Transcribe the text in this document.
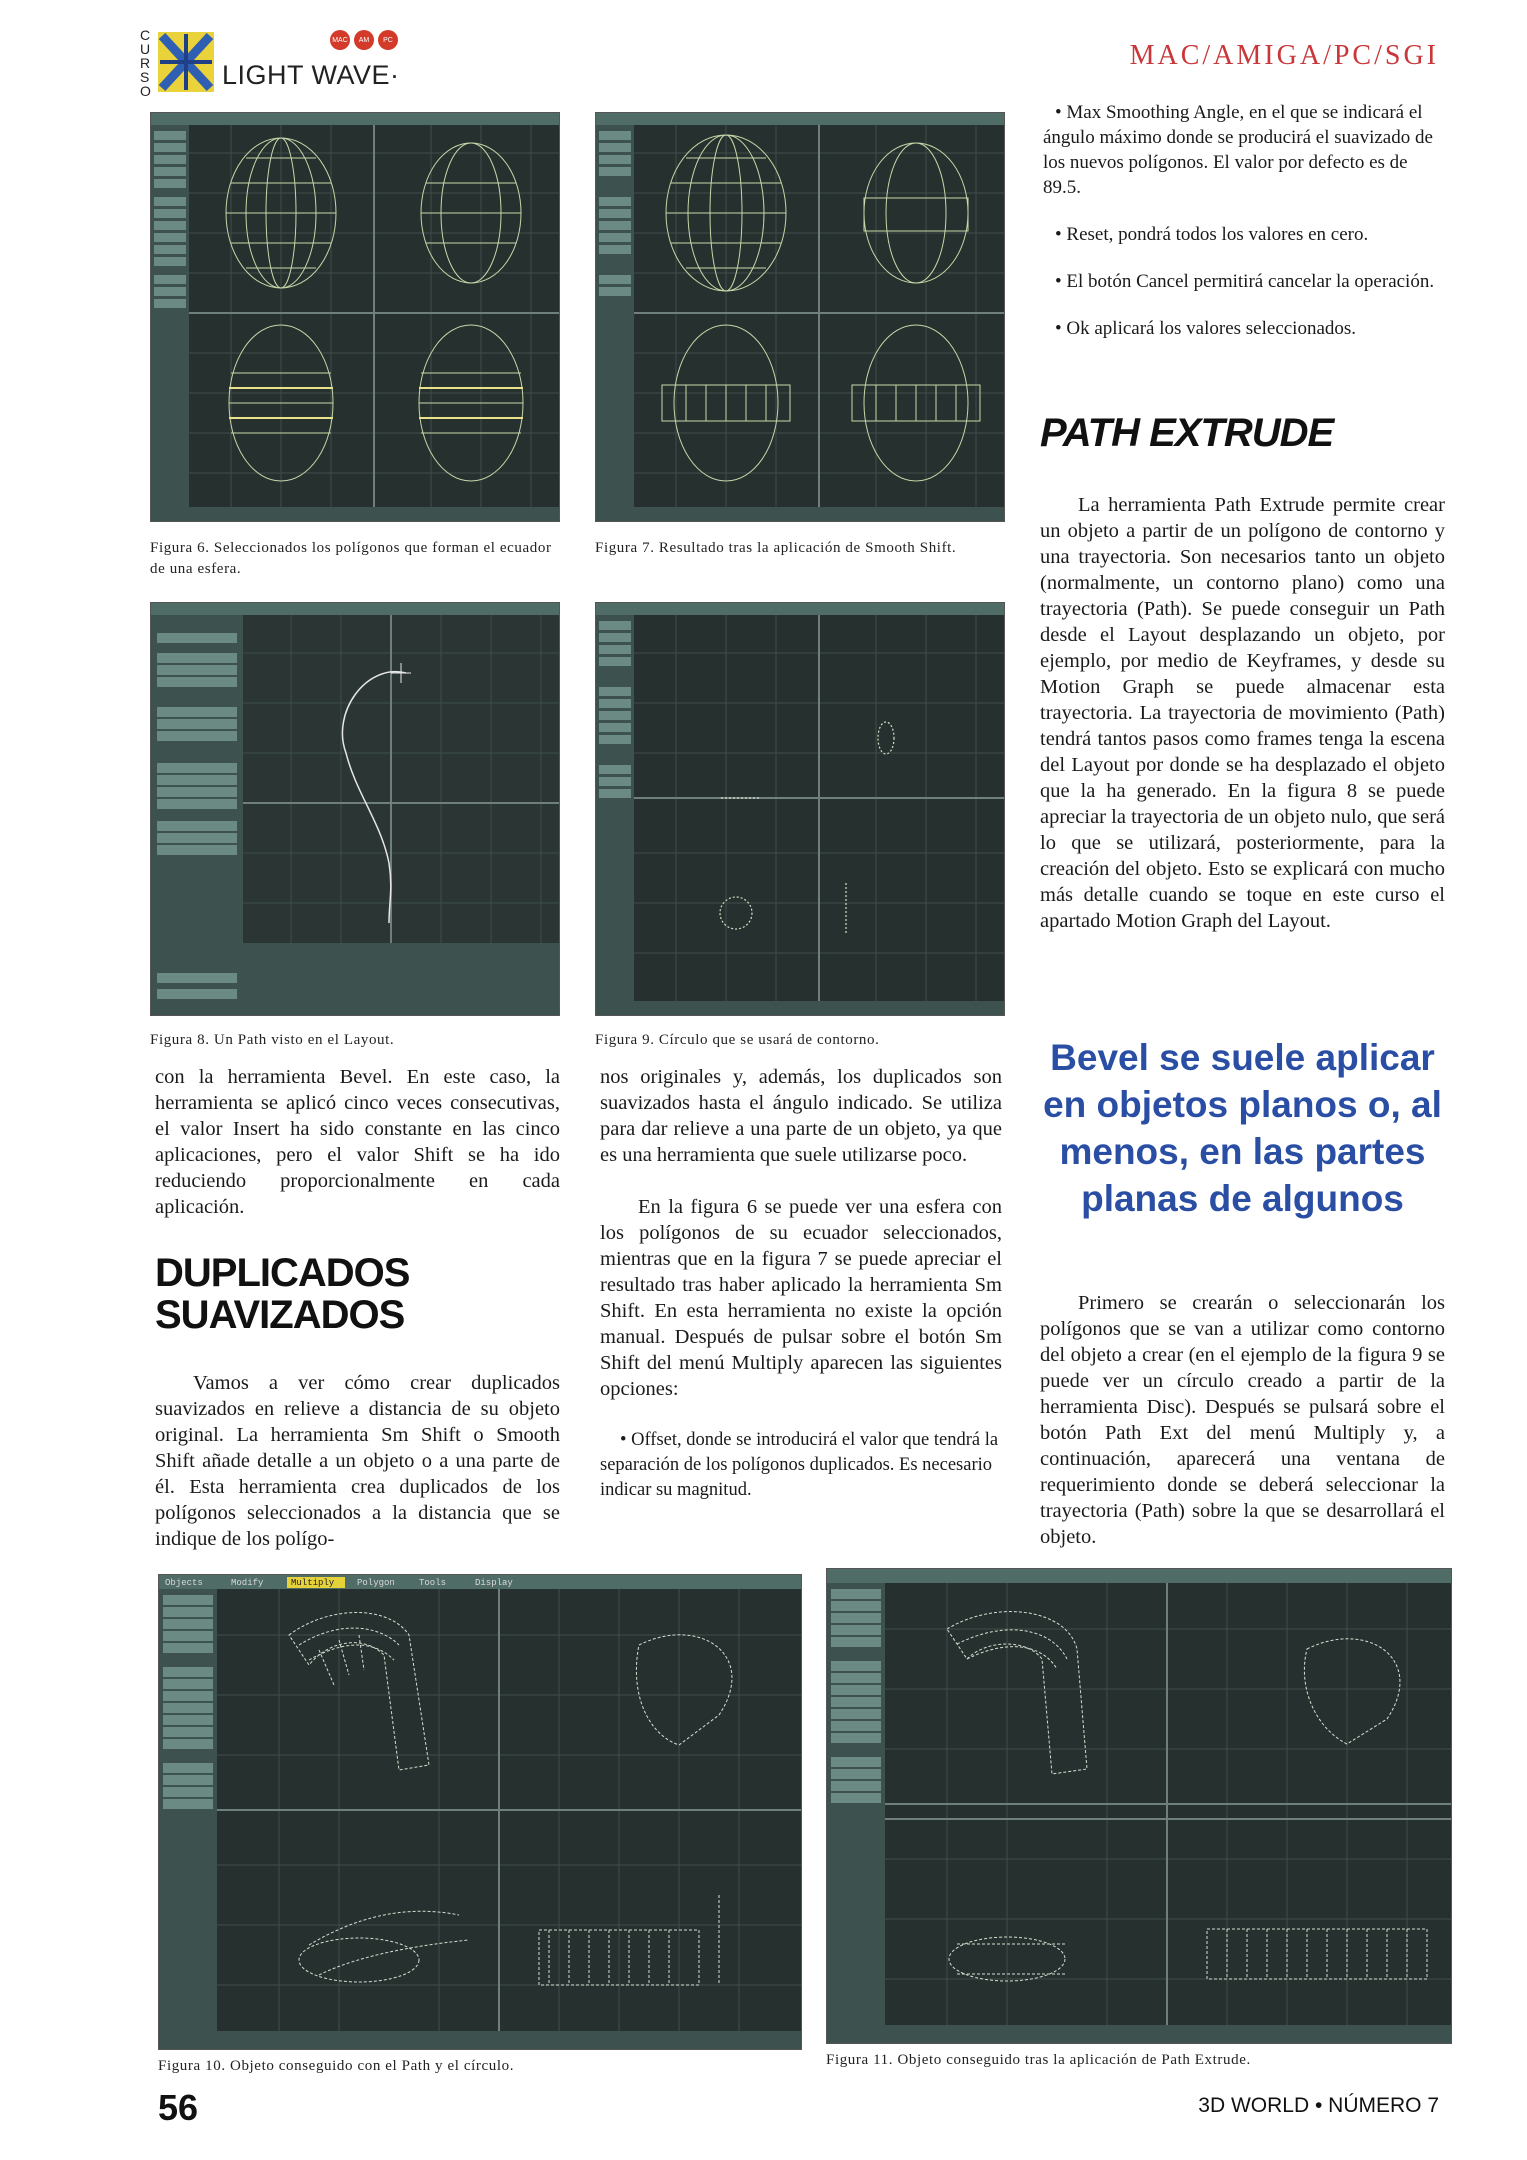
CURSO
LIGHT WAVE·
MAC	AM	PC	MAC/AMIGA/PC/SGI
Figura 6. Seleccionados los polígonos que forman el ecuador de una esfera.
Figura 7. Resultado tras la aplicación de Smooth Shift.
Figura 8. Un Path visto en el Layout.	Figura 9. Círculo que se usará de contorno.

con la herramienta Bevel. En este caso, la herramienta se aplicó cinco veces consecutivas, el valor Insert ha sido constante en las cinco aplicaciones, pero el valor Shift se ha ido reduciendo proporcionalmente en cada aplicación.

DUPLICADOS
SUAVIZADOS

Vamos a ver cómo crear duplicados suavizados en relieve a distancia de su objeto original. La herramienta Sm Shift o Smooth Shift añade detalle a un objeto o a una parte de él. Esta herramienta crea duplicados de los polígonos seleccionados a la distancia que se indique de los polígo-

nos originales y, además, los duplicados son suavizados hasta el ángulo indicado. Se utiliza para dar relieve a una parte de un objeto, ya que es una herramienta que suele utilizarse poco.

En la figura 6 se puede ver una esfera con los polígonos de su ecuador seleccionados, mientras que en la figura 7 se puede apreciar el resultado tras haber aplicado la herramienta Sm Shift. En esta herramienta no existe la opción manual. Después de pulsar sobre el botón Sm Shift del menú Multiply aparecen las siguientes opciones:

• Offset, donde se introducirá el valor que tendrá la separación de los polígonos duplicados. Es necesario indicar su magnitud.
• Max Smoothing Angle, en el que se indicará el ángulo máximo donde se producirá el suavizado de los nuevos polígonos. El valor por defecto es de 89.5.
• Reset, pondrá todos los valores en cero.
• El botón Cancel permitirá cancelar la operación.
• Ok aplicará los valores seleccionados.
PATH EXTRUDE

La herramienta Path Extrude permite crear un objeto a partir de un polígono de contorno y una trayectoria. Son necesarios tanto un objeto (normalmente, un contorno plano) como una trayectoria (Path). Se puede conseguir un Path desde el Layout desplazando un objeto, por ejemplo, por medio de Keyframes, y desde su Motion Graph se puede almacenar esta trayectoria. La trayectoria de movimiento (Path) tendrá tantos pasos como frames tenga la escena del Layout por donde se ha desplazado el objeto que la ha generado. En la figura 8 se puede apreciar la trayectoria de un objeto nulo, que será lo que se utilizará, posteriormente, para la creación del objeto. Esto se explicará con mucho más detalle cuando se toque en este curso el apartado Motion Graph del Layout.

Bevel se suele aplicar en objetos planos o, al menos, en las partes planas de algunos

Primero se crearán o seleccionarán los polígonos que se van a utilizar como contorno del objeto a crear (en el ejemplo de la figura 9 se puede ver un círculo creado a partir de la herramienta Disc). Después se pulsará sobre el botón Path Ext del menú Multiply y, a continuación, aparecerá una ventana de requerimiento donde se deberá seleccionar la trayectoria (Path) sobre la que se desarrollará el objeto.

Objects	Modify	Multiply	Polygon	Tools	Display
Figura 10. Objeto conseguido con el Path y el círculo.	Figura 11. Objeto conseguido tras la aplicación de Path Extrude.
56	3D WORLD • NÚMERO 7
